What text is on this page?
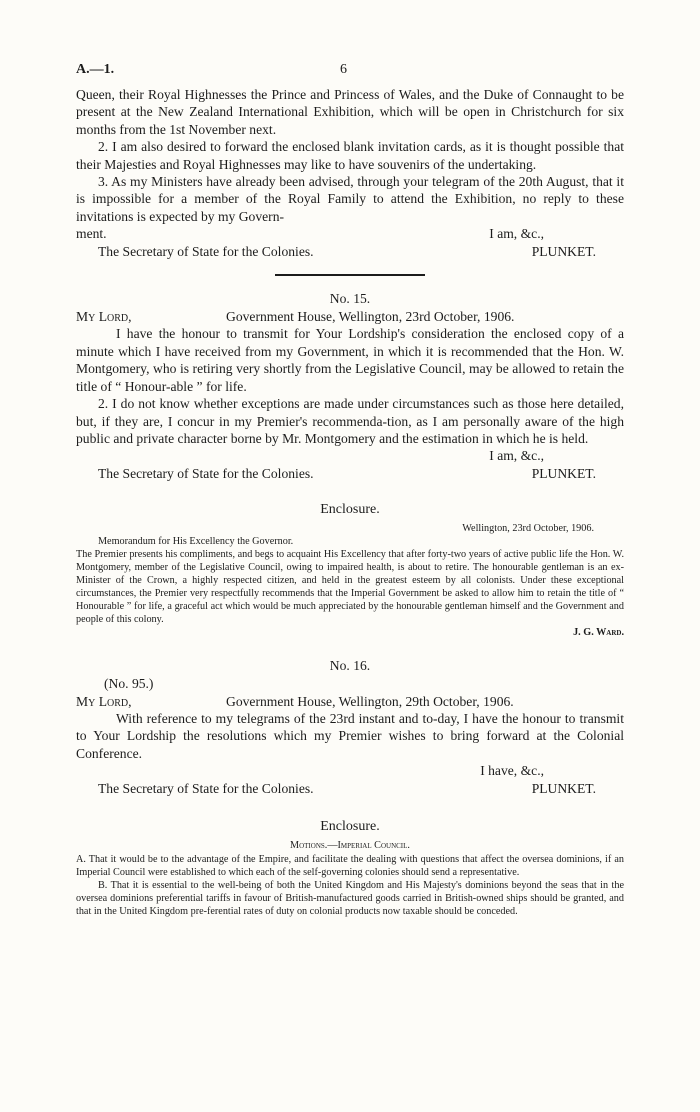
A.—1.	6

Queen, their Royal Highnesses the Prince and Princess of Wales, and the Duke of Connaught to be present at the New Zealand International Exhibition, which will be open in Christchurch for six months from the 1st November next.

2. I am also desired to forward the enclosed blank invitation cards, as it is thought possible that their Majesties and Royal Highnesses may like to have souvenirs of the undertaking.

3. As my Ministers have already been advised, through your telegram of the 20th August, that it is impossible for a member of the Royal Family to attend the Exhibition, no reply to these invitations is expected by my Govern-

ment.	I am, &c.,
The Secretary of State for the Colonies.	PLUNKET.
No. 15.
My Lord,	Government House, Wellington, 23rd October, 1906.

I have the honour to transmit for Your Lordship's consideration the enclosed copy of a minute which I have received from my Government, in which it is recommended that the Hon. W. Montgomery, who is retiring very shortly from the Legislative Council, may be allowed to retain the title of “ Honour-able ” for life.

2. I do not know whether exceptions are made under circumstances such as those here detailed, but, if they are, I concur in my Premier's recommenda-tion, as I am personally aware of the high public and private character borne by Mr. Montgomery and the estimation in which he is held.

I am, &c.,
The Secretary of State for the Colonies.	PLUNKET.
Enclosure.
Wellington, 23rd October, 1906.

Memorandum for His Excellency the Governor.

The Premier presents his compliments, and begs to acquaint His Excellency that after forty-two years of active public life the Hon. W. Montgomery, member of the Legislative Council, owing to impaired health, is about to retire. The honourable gentleman is an ex-Minister of the Crown, a highly respected citizen, and held in the greatest esteem by all colonists. Under these exceptional circumstances, the Premier very respectfully recommends that the Imperial Government be asked to allow him to retain the title of “ Honourable ” for life, a graceful act which would be much appreciated by the honourable gentleman himself and the Government and people of this colony.

J. G. Ward.
No. 16.
(No. 95.)
My Lord,	Government House, Wellington, 29th October, 1906.

With reference to my telegrams of the 23rd instant and to-day, I have the honour to transmit to Your Lordship the resolutions which my Premier wishes to bring forward at the Colonial Conference.

I have, &c.,
The Secretary of State for the Colonies.	PLUNKET.
Enclosure.
Motions.—Imperial Council.

A. That it would be to the advantage of the Empire, and facilitate the dealing with questions that affect the oversea dominions, if an Imperial Council were established to which each of the self-governing colonies should send a representative.

B. That it is essential to the well-being of both the United Kingdom and His Majesty's dominions beyond the seas that in the oversea dominions preferential tariffs in favour of British-manufactured goods carried in British-owned ships should be granted, and that in the United Kingdom pre-ferential rates of duty on colonial products now taxable should be conceded.
